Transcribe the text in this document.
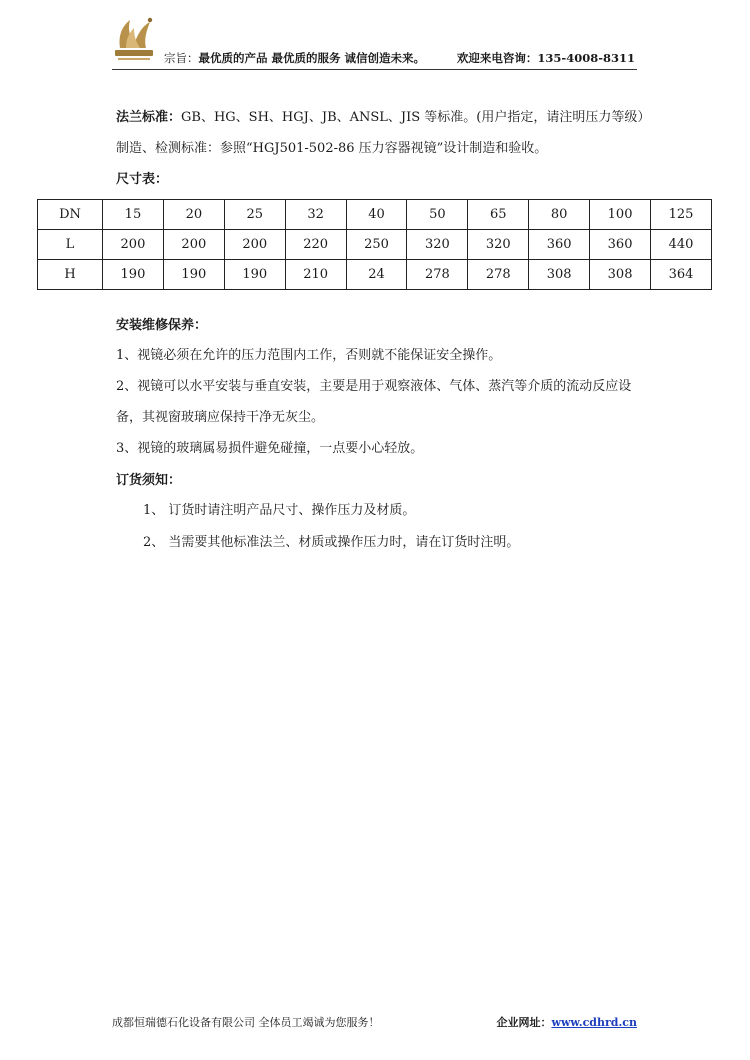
宗旨：最优质的产品 最优质的服务 诚信创造未来。	欢迎来电咨询：135-4008-8311
法兰标准：GB、HG、SH、HGJ、JB、ANSL、JIS 等标准。(用户指定，请注明压力等级）
制造、检测标准：参照“HGJ501-502-86 压力容器视镜”设计制造和验收。
尺寸表：
DN	15	20	25	32	40	50	65	80	100	125
L	200	200	200	220	250	320	320	360	360	440
H	190	190	190	210	24	278	278	308	308	364
安装维修保养：
1、视镜必须在允许的压力范围内工作，否则就不能保证安全操作。
2、视镜可以水平安装与垂直安装，主要是用于观察液体、气体、蒸汽等介质的流动反应设
备，其视窗玻璃应保持干净无灰尘。
3、视镜的玻璃属易损件避免碰撞，一点要小心轻放。
订货须知：
1、 订货时请注明产品尺寸、操作压力及材质。
2、 当需要其他标准法兰、材质或操作压力时，请在订货时注明。
成都恒瑞德石化设备有限公司 全体员工竭诚为您服务！	企业网址：www.cdhrd.cn
